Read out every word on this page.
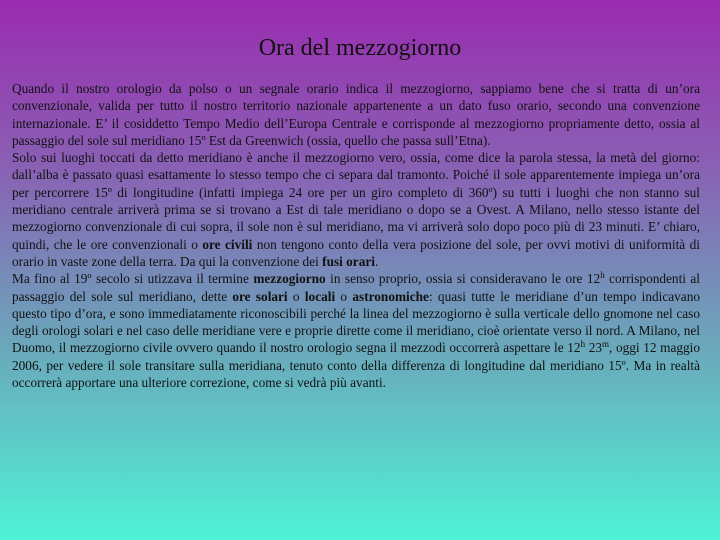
Ora del mezzogiorno

Quando il nostro orologio da polso o un segnale orario indica il mezzogiorno, sappiamo bene che si tratta di un’ora convenzionale, valida per tutto il nostro territorio nazionale appartenente a un dato fuso orario, secondo una convenzione internazionale. E’ il cosiddetto Tempo Medio dell’Europa Centrale e corrisponde al mezzogiorno propriamente detto, ossia al passaggio del sole sul meridiano 15º Est da Greenwich (ossia, quello che passa sull’Etna).

Solo sui luoghi toccati da detto meridiano è anche il mezzogiorno vero, ossia, come dice la parola stessa, la metà del giorno: dall’alba è passato quasi esattamente lo stesso tempo che ci separa dal tramonto. Poiché il sole apparentemente impiega un’ora per percorrere 15º di longitudine (infatti impiega 24 ore per un giro completo di 360º) su tutti i luoghi che non stanno sul meridiano centrale arriverà prima se si trovano a Est di tale meridiano o dopo se a Ovest. A Milano, nello stesso istante del mezzogiorno convenzionale di cui sopra, il sole non è sul meridiano, ma vi arriverà solo dopo poco più di 23 minuti. E’ chiaro, quindi, che le ore convenzionali o ore civili non tengono conto della vera posizione del sole, per ovvi motivi di uniformità di orario in vaste zone della terra. Da qui la convenzione dei fusi orari.

Ma fino al 19º secolo si utizzava il termine mezzogiorno in senso proprio, ossia si consideravano le ore 12$^h$ corrispondenti al passaggio del sole sul meridiano, dette ore solari o locali o astronomiche: quasi tutte le meridiane d’un tempo indicavano questo tipo d’ora, e sono immediatamente riconoscibili perché la linea del mezzogiorno è sulla verticale dello gnomone nel caso degli orologi solari e nel caso delle meridiane vere e proprie dirette come il meridiano, cioè orientate verso il nord. A Milano, nel Duomo, il mezzogiorno civile ovvero quando il nostro orologio segna il mezzodì occorrerà aspettare le 12$^h$ 23$^m$, oggi 12 maggio 2006, per vedere il sole transitare sulla meridiana, tenuto conto della differenza di longitudine dal meridiano 15º. Ma in realtà occorrerà apportare una ulteriore correzione, come si vedrà più avanti.
